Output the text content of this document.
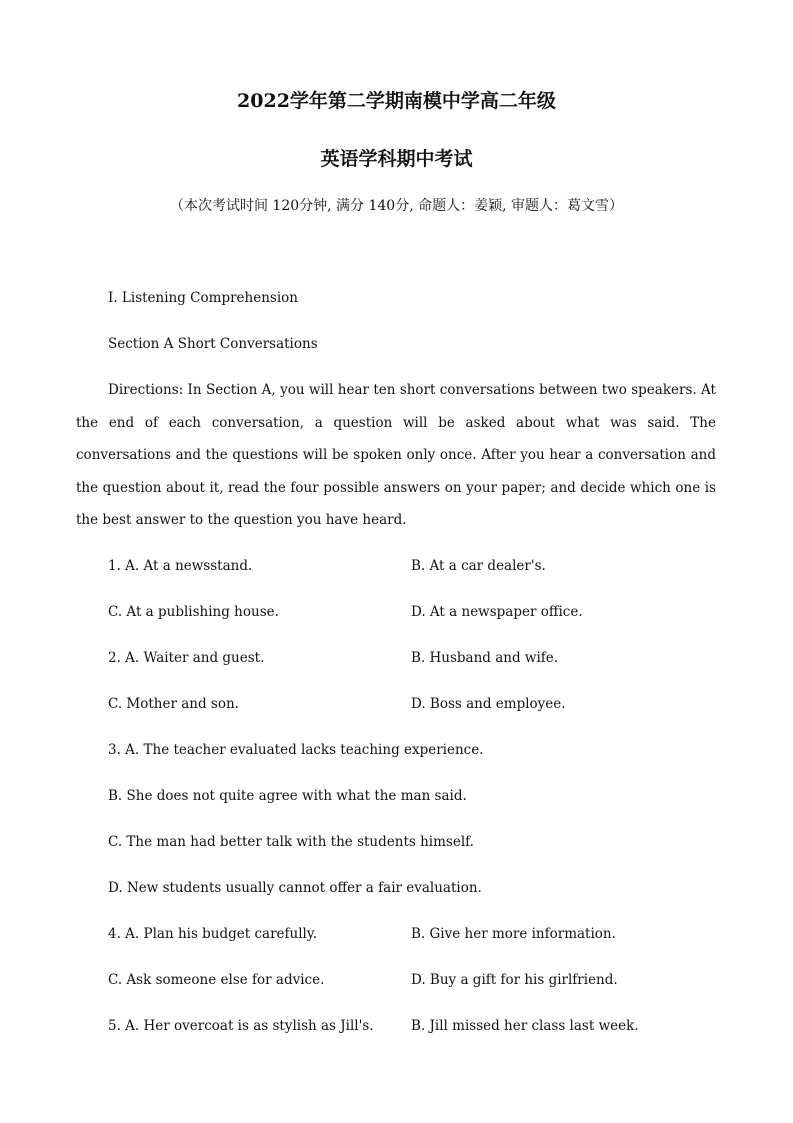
2022学年第二学期南模中学高二年级
英语学科期中考试
（本次考试时间 120分钟, 满分 140分, 命题人：姜颖, 审题人：葛文雪）
I. Listening Comprehension
Section A Short Conversations
Directions: In Section A, you will hear ten short conversations between two speakers. At the end of each conversation, a question will be asked about what was said. The conversations and the questions will be spoken only once. After you hear a conversation and the question about it, read the four possible answers on your paper; and decide which one is the best answer to the question you have heard.
1. A. At a newsstand.	B. At a car dealer's.
C. At a publishing house.	D. At a newspaper office.
2. A. Waiter and guest.	B. Husband and wife.
C. Mother and son.	D. Boss and employee.
3. A. The teacher evaluated lacks teaching experience.
B. She does not quite agree with what the man said.
C. The man had better talk with the students himself.
D. New students usually cannot offer a fair evaluation.
4. A. Plan his budget carefully.	B. Give her more information.
C. Ask someone else for advice.	D. Buy a gift for his girlfriend.
5. A. Her overcoat is as stylish as Jill's.	B. Jill missed her class last week.
